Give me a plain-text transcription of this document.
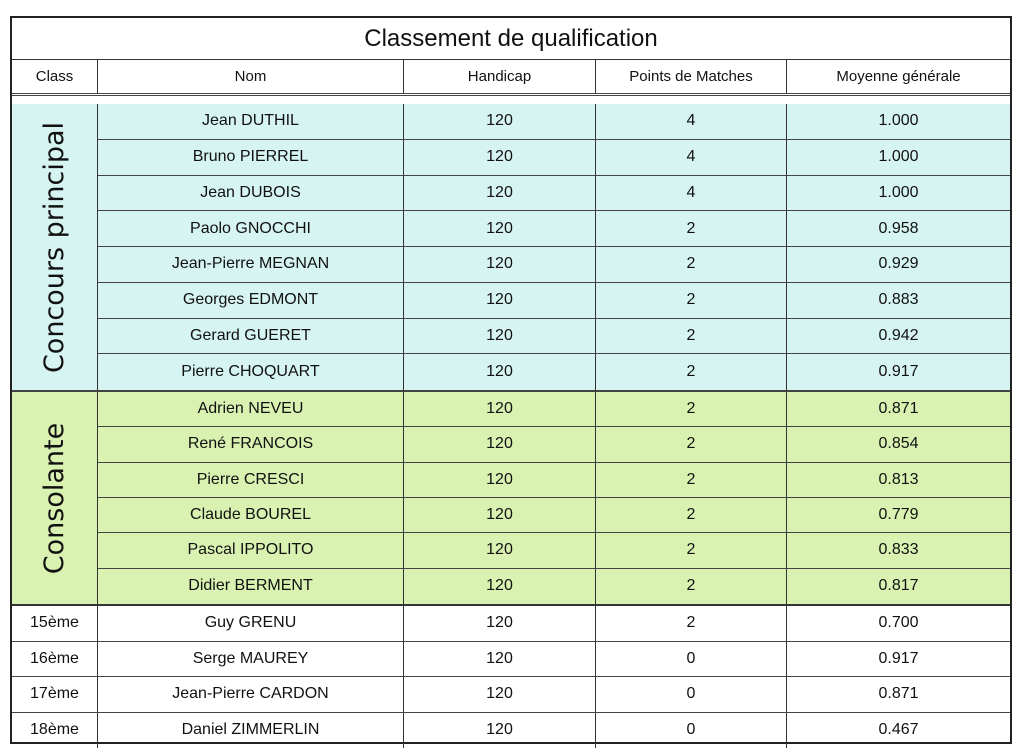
Classement de qualification
Class	Nom	Handicap	Points de Matches	Moyenne générale
Concours principal
Jean DUTHIL	120	4	1.000
Bruno PIERREL	120	4	1.000
Jean DUBOIS	120	4	1.000
Paolo GNOCCHI	120	2	0.958
Jean-Pierre MEGNAN	120	2	0.929
Georges EDMONT	120	2	0.883
Gerard GUERET	120	2	0.942
Pierre CHOQUART	120	2	0.917
Consolante
Adrien NEVEU	120	2	0.871
René FRANCOIS	120	2	0.854
Pierre CRESCI	120	2	0.813
Claude BOUREL	120	2	0.779
Pascal IPPOLITO	120	2	0.833
Didier BERMENT	120	2	0.817
15ème	Guy GRENU	120	2	0.700
16ème	Serge MAUREY	120	0	0.917
17ème	Jean-Pierre CARDON	120	0	0.871
18ème	Daniel ZIMMERLIN	120	0	0.467
